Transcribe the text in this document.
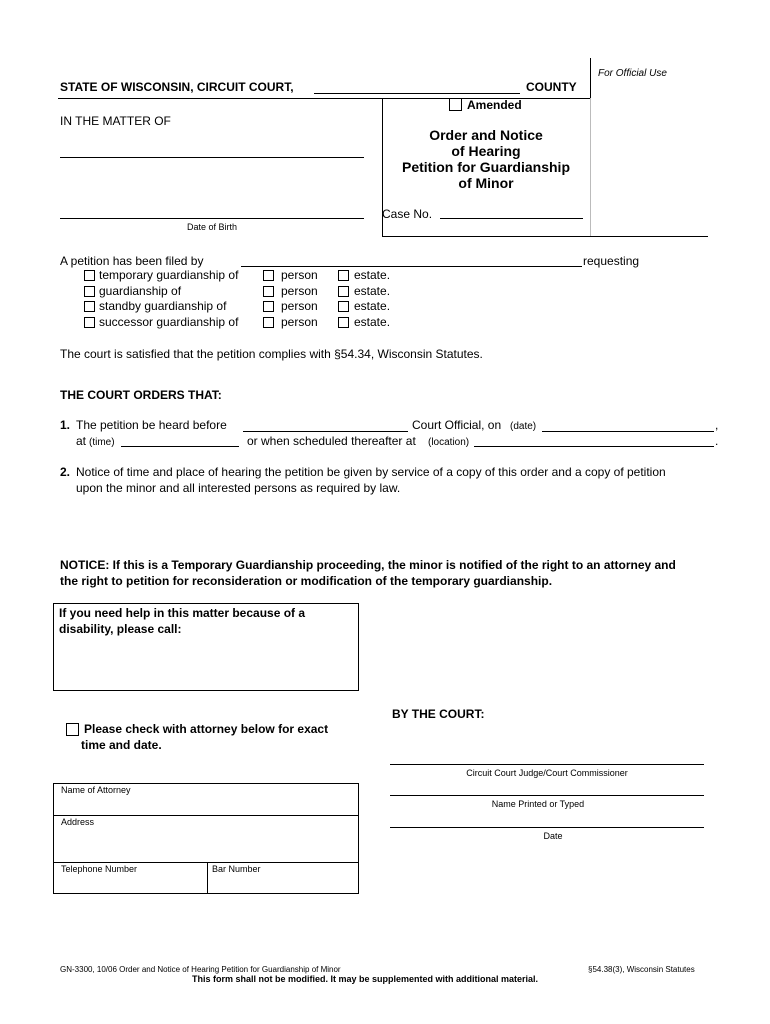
For Official Use
STATE OF WISCONSIN, CIRCUIT COURT,	COUNTY
Amended
IN THE MATTER OF
Order and Notice
of Hearing
Petition for Guardianship
of Minor
Date of Birth
Case No.
A petition has been filed by	requesting
temporary guardianship of	person	estate.
guardianship of	person	estate.
standby guardianship of	person	estate.
successor guardianship of	person	estate.
The court is satisfied that the petition complies with §54.34, Wisconsin Statutes.
THE COURT ORDERS THAT:
1. The petition be heard before	Court Official, on (date)	,
at (time)	or when scheduled thereafter at (location)	.
2. Notice of time and place of hearing the petition be given by service of a copy of this order and a copy of petition
upon the minor and all interested persons as required by law.
NOTICE: If this is a Temporary Guardianship proceeding, the minor is notified of the right to an attorney and
the right to petition for reconsideration or modification of the temporary guardianship.
If you need help in this matter because of a
disability, please call:
Please check with attorney below for exact
time and date.
BY THE COURT:
Circuit Court Judge/Court Commissioner
Name Printed or Typed
Date
Name of Attorney
Address
Telephone Number	Bar Number
GN-3300, 10/06 Order and Notice of Hearing Petition for Guardianship of Minor	§54.38(3), Wisconsin Statutes
This form shall not be modified. It may be supplemented with additional material.
